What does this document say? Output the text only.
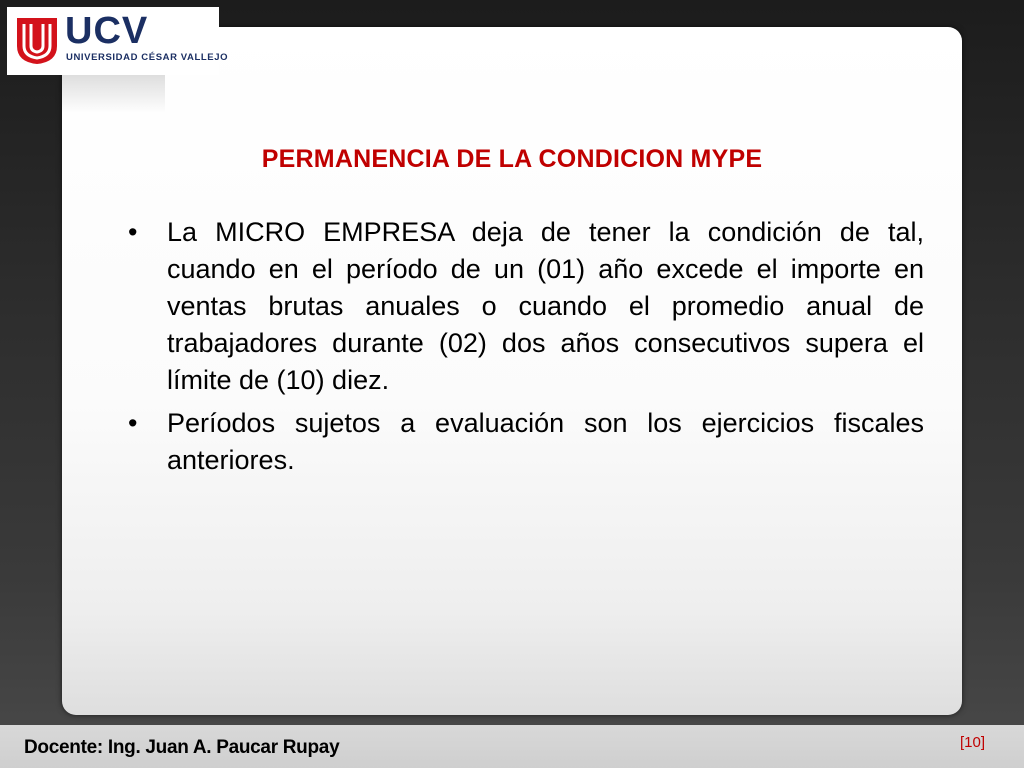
UCV
UNIVERSIDAD CÉSAR VALLEJO
PERMANENCIA DE LA CONDICION MYPE
• La MICRO EMPRESA deja de tener la condición de tal, cuando en el período de un (01) año excede el importe en ventas brutas anuales o cuando el promedio anual de trabajadores durante (02) dos años consecutivos supera el límite de (10) diez.
• Períodos sujetos a evaluación son los ejercicios fiscales anteriores.
Docente: Ing. Juan A. Paucar Rupay	[10]
